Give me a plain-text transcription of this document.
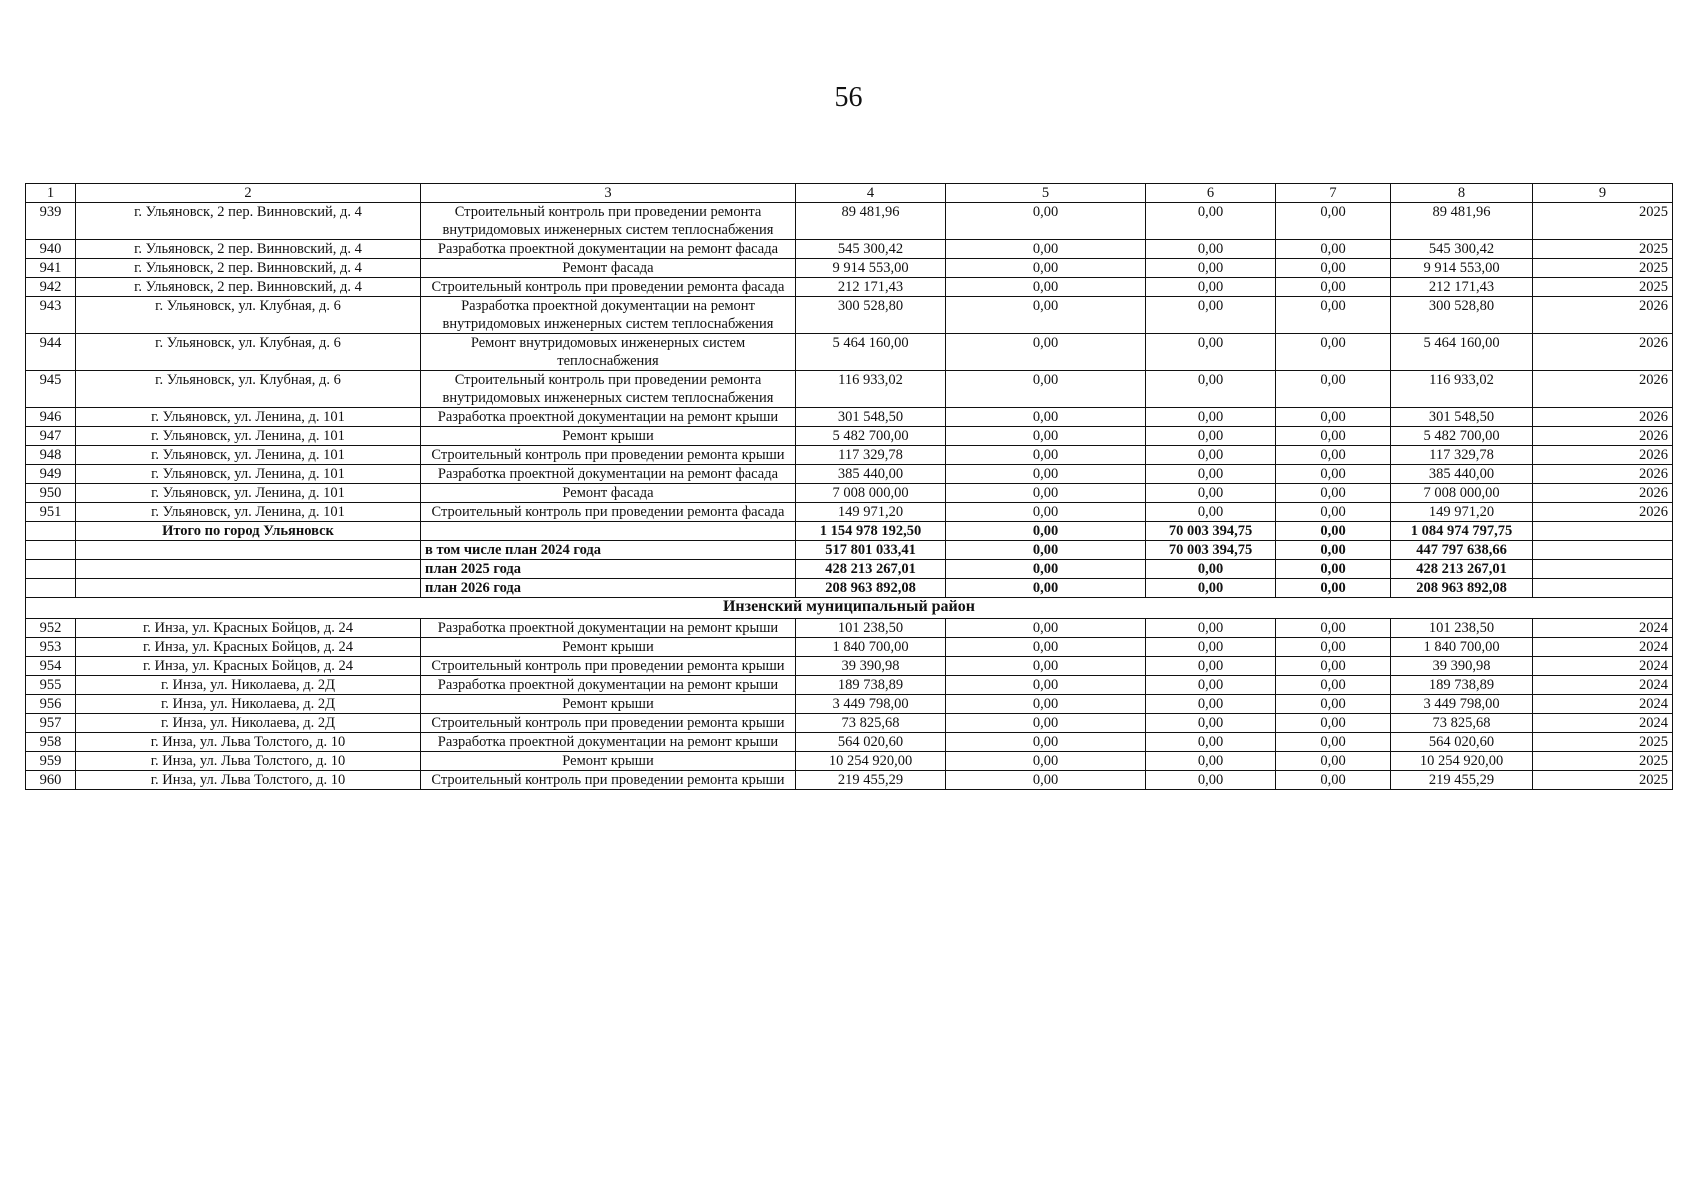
56
1	2	3	4	5	6	7	8	9
939	г. Ульяновск, 2 пер. Винновский, д. 4	Строительный контроль при проведении ремонта внутридомовых инженерных систем теплоснабжения	89 481,96	0,00	0,00	0,00	89 481,96	2025
940	г. Ульяновск, 2 пер. Винновский, д. 4	Разработка проектной документации на ремонт фасада	545 300,42	0,00	0,00	0,00	545 300,42	2025
941	г. Ульяновск, 2 пер. Винновский, д. 4	Ремонт фасада	9 914 553,00	0,00	0,00	0,00	9 914 553,00	2025
942	г. Ульяновск, 2 пер. Винновский, д. 4	Строительный контроль при проведении ремонта фасада	212 171,43	0,00	0,00	0,00	212 171,43	2025
943	г. Ульяновск, ул. Клубная, д. 6	Разработка проектной документации на ремонт внутридомовых инженерных систем теплоснабжения	300 528,80	0,00	0,00	0,00	300 528,80	2026
944	г. Ульяновск, ул. Клубная, д. 6	Ремонт внутридомовых инженерных систем теплоснабжения	5 464 160,00	0,00	0,00	0,00	5 464 160,00	2026
945	г. Ульяновск, ул. Клубная, д. 6	Строительный контроль при проведении ремонта внутридомовых инженерных систем теплоснабжения	116 933,02	0,00	0,00	0,00	116 933,02	2026
946	г. Ульяновск, ул. Ленина, д. 101	Разработка проектной документации на ремонт крыши	301 548,50	0,00	0,00	0,00	301 548,50	2026
947	г. Ульяновск, ул. Ленина, д. 101	Ремонт крыши	5 482 700,00	0,00	0,00	0,00	5 482 700,00	2026
948	г. Ульяновск, ул. Ленина, д. 101	Строительный контроль при проведении ремонта крыши	117 329,78	0,00	0,00	0,00	117 329,78	2026
949	г. Ульяновск, ул. Ленина, д. 101	Разработка проектной документации на ремонт фасада	385 440,00	0,00	0,00	0,00	385 440,00	2026
950	г. Ульяновск, ул. Ленина, д. 101	Ремонт фасада	7 008 000,00	0,00	0,00	0,00	7 008 000,00	2026
951	г. Ульяновск, ул. Ленина, д. 101	Строительный контроль при проведении ремонта фасада	149 971,20	0,00	0,00	0,00	149 971,20	2026
	Итого по город Ульяновск		1 154 978 192,50	0,00	70 003 394,75	0,00	1 084 974 797,75	
		в том числе план 2024 года	517 801 033,41	0,00	70 003 394,75	0,00	447 797 638,66	
		план 2025 года	428 213 267,01	0,00	0,00	0,00	428 213 267,01	
		план 2026 года	208 963 892,08	0,00	0,00	0,00	208 963 892,08	
Инзенский муниципальный район								
952	г. Инза, ул. Красных Бойцов, д. 24	Разработка проектной документации на ремонт крыши	101 238,50	0,00	0,00	0,00	101 238,50	2024
953	г. Инза, ул. Красных Бойцов, д. 24	Ремонт крыши	1 840 700,00	0,00	0,00	0,00	1 840 700,00	2024
954	г. Инза, ул. Красных Бойцов, д. 24	Строительный контроль при проведении ремонта крыши	39 390,98	0,00	0,00	0,00	39 390,98	2024
955	г. Инза, ул. Николаева, д. 2Д	Разработка проектной документации на ремонт крыши	189 738,89	0,00	0,00	0,00	189 738,89	2024
956	г. Инза, ул. Николаева, д. 2Д	Ремонт крыши	3 449 798,00	0,00	0,00	0,00	3 449 798,00	2024
957	г. Инза, ул. Николаева, д. 2Д	Строительный контроль при проведении ремонта крыши	73 825,68	0,00	0,00	0,00	73 825,68	2024
958	г. Инза, ул. Льва Толстого, д. 10	Разработка проектной документации на ремонт крыши	564 020,60	0,00	0,00	0,00	564 020,60	2025
959	г. Инза, ул. Льва Толстого, д. 10	Ремонт крыши	10 254 920,00	0,00	0,00	0,00	10 254 920,00	2025
960	г. Инза, ул. Льва Толстого, д. 10	Строительный контроль при проведении ремонта крыши	219 455,29	0,00	0,00	0,00	219 455,29	2025
